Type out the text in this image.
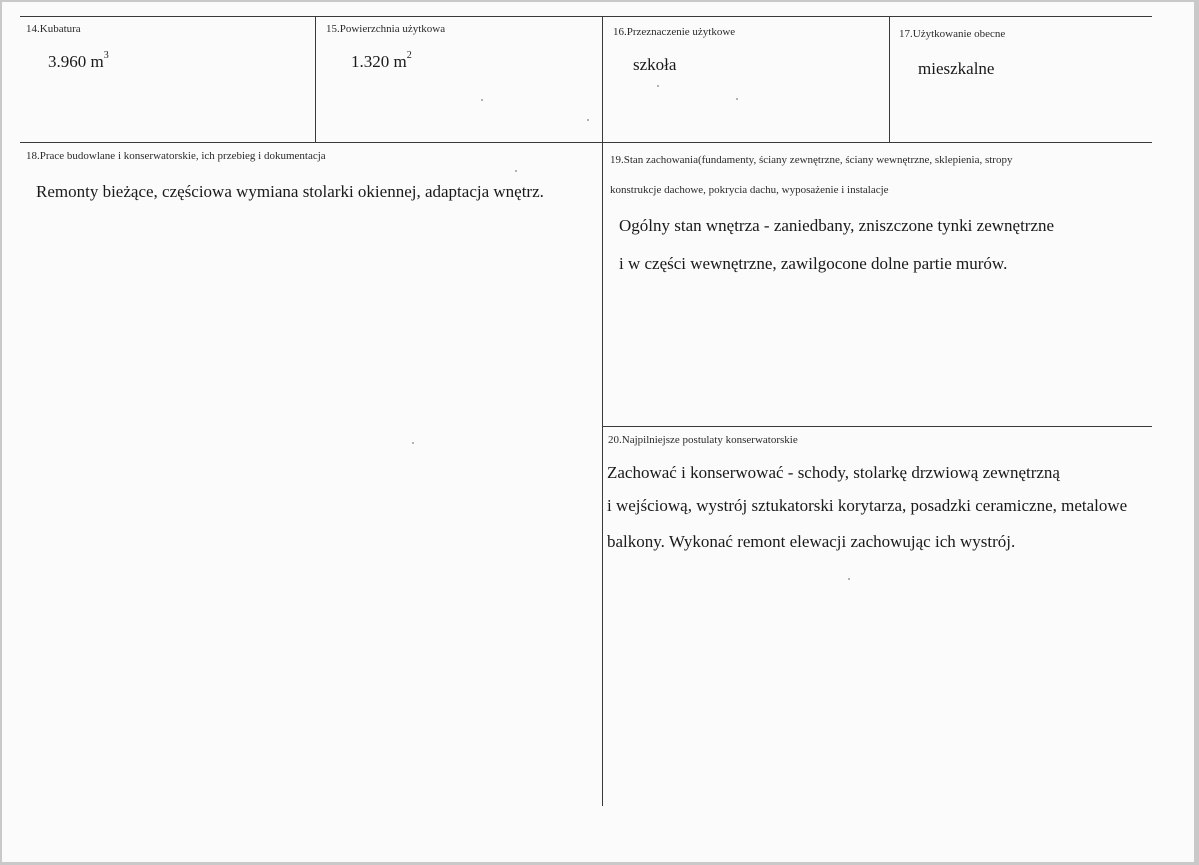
14.Kubatura
3.960 $m^3$
15.Powierzchnia użytkowa
1.320 $m^2$
16.Przeznaczenie użytkowe
szkoła
17.Użytkowanie obecne
mieszkalne
18.Prace budowlane i konserwatorskie, ich przebieg i dokumentacja
Remonty bieżące, częściowa wymiana stolarki okiennej, adaptacja wnętrz.
19.Stan zachowania(fundamenty, ściany zewnętrzne, ściany wewnętrzne, sklepienia, stropy
konstrukcje dachowe, pokrycia dachu, wyposażenie i instalacje
Ogólny stan wnętrza - zaniedbany, zniszczone tynki zewnętrzne
i w części wewnętrzne, zawilgocone dolne partie murów.
20.Najpilniejsze postulaty konserwatorskie
Zachować i konserwować - schody, stolarkę drzwiową zewnętrzną
i wejściową, wystrój sztukatorski korytarza, posadzki ceramiczne, metalowe
balkony. Wykonać remont elewacji zachowując ich wystrój.
